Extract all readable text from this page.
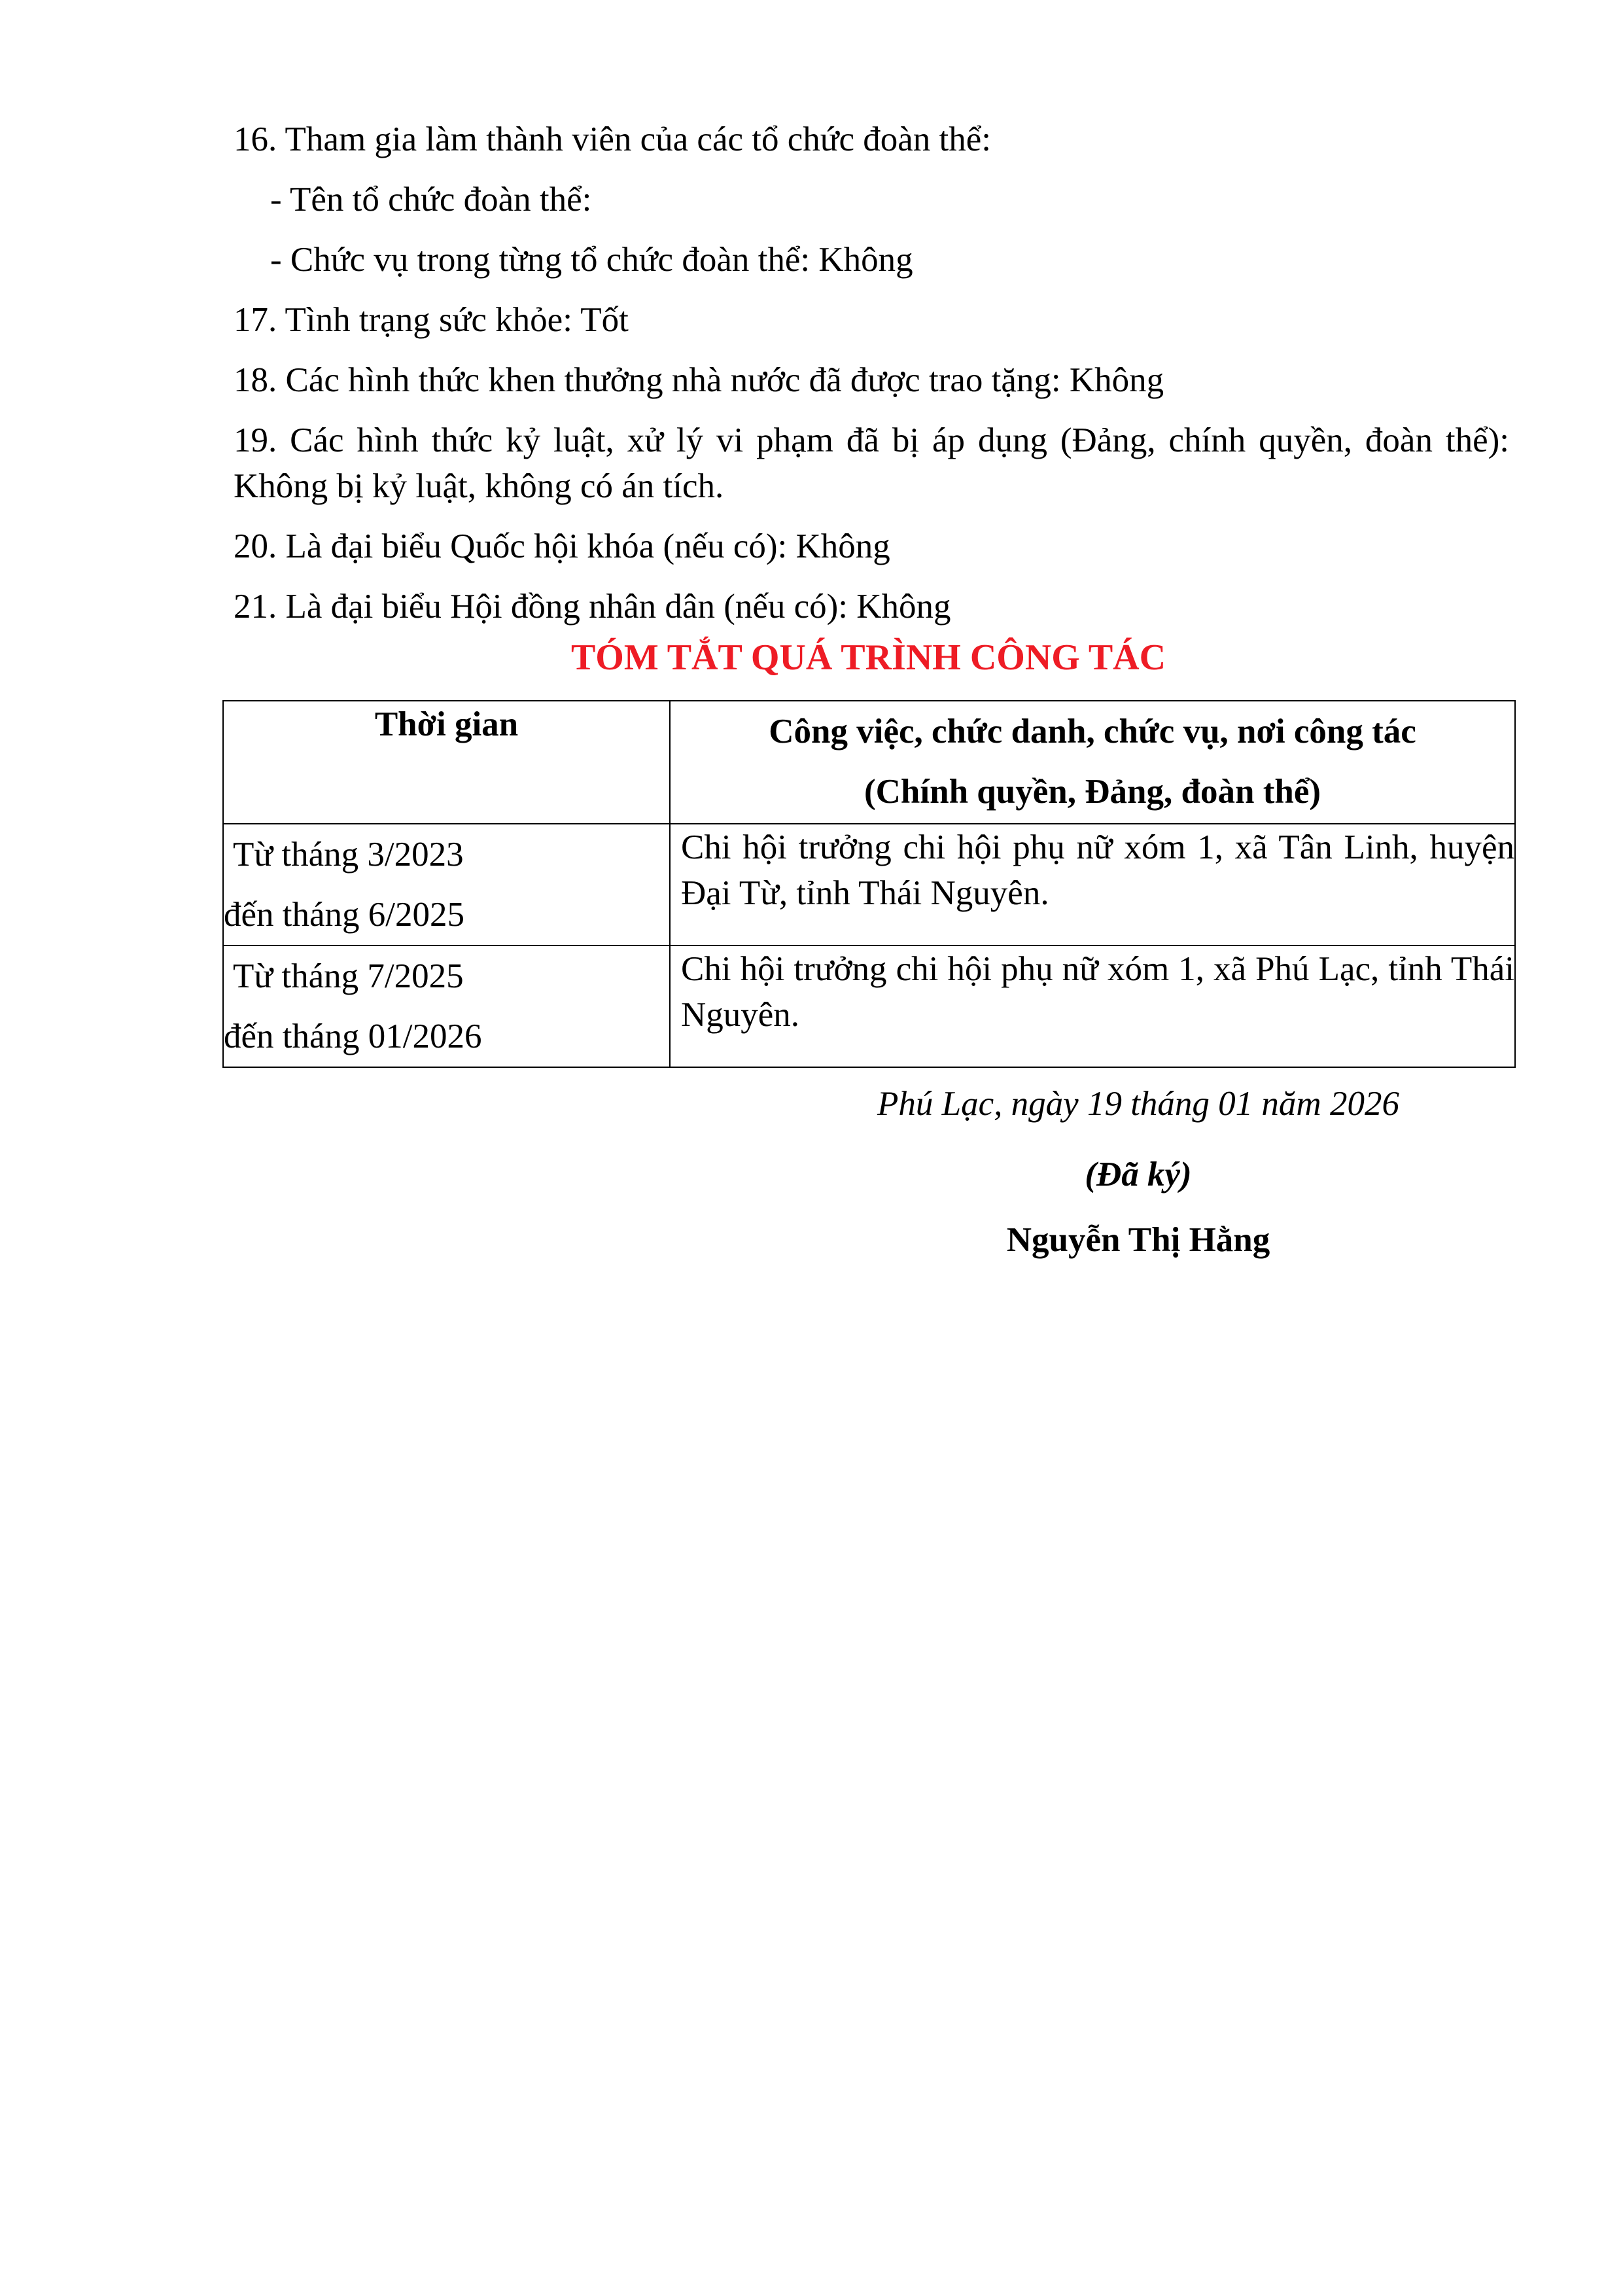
16. Tham gia làm thành viên của các tổ chức đoàn thể:
- Tên tổ chức đoàn thể:
- Chức vụ trong từng tổ chức đoàn thể: Không
17. Tình trạng sức khỏe: Tốt
18. Các hình thức khen thưởng nhà nước đã được trao tặng: Không
19. Các hình thức kỷ luật, xử lý vi phạm đã bị áp dụng (Đảng, chính quyền, đoàn thể):
Không bị kỷ luật, không có án tích.
20. Là đại biểu Quốc hội khóa (nếu có): Không
21. Là đại biểu Hội đồng nhân dân (nếu có): Không
TÓM TẮT QUÁ TRÌNH CÔNG TÁC
Thời gian	Công việc, chức danh, chức vụ, nơi công tác
(Chính quyền, Đảng, đoàn thể)

Từ tháng 3/2023
đến tháng 6/2025	Chi hội trưởng chi hội phụ nữ xóm 1, xã Tân Linh, huyện Đại Từ, tỉnh Thái Nguyên.

Từ tháng 7/2025
đến tháng 01/2026	Chi hội trưởng chi hội phụ nữ xóm 1, xã Phú Lạc, tỉnh Thái Nguyên.
Phú Lạc, ngày 19 tháng 01 năm 2026
(Đã ký)
Nguyễn Thị Hằng
